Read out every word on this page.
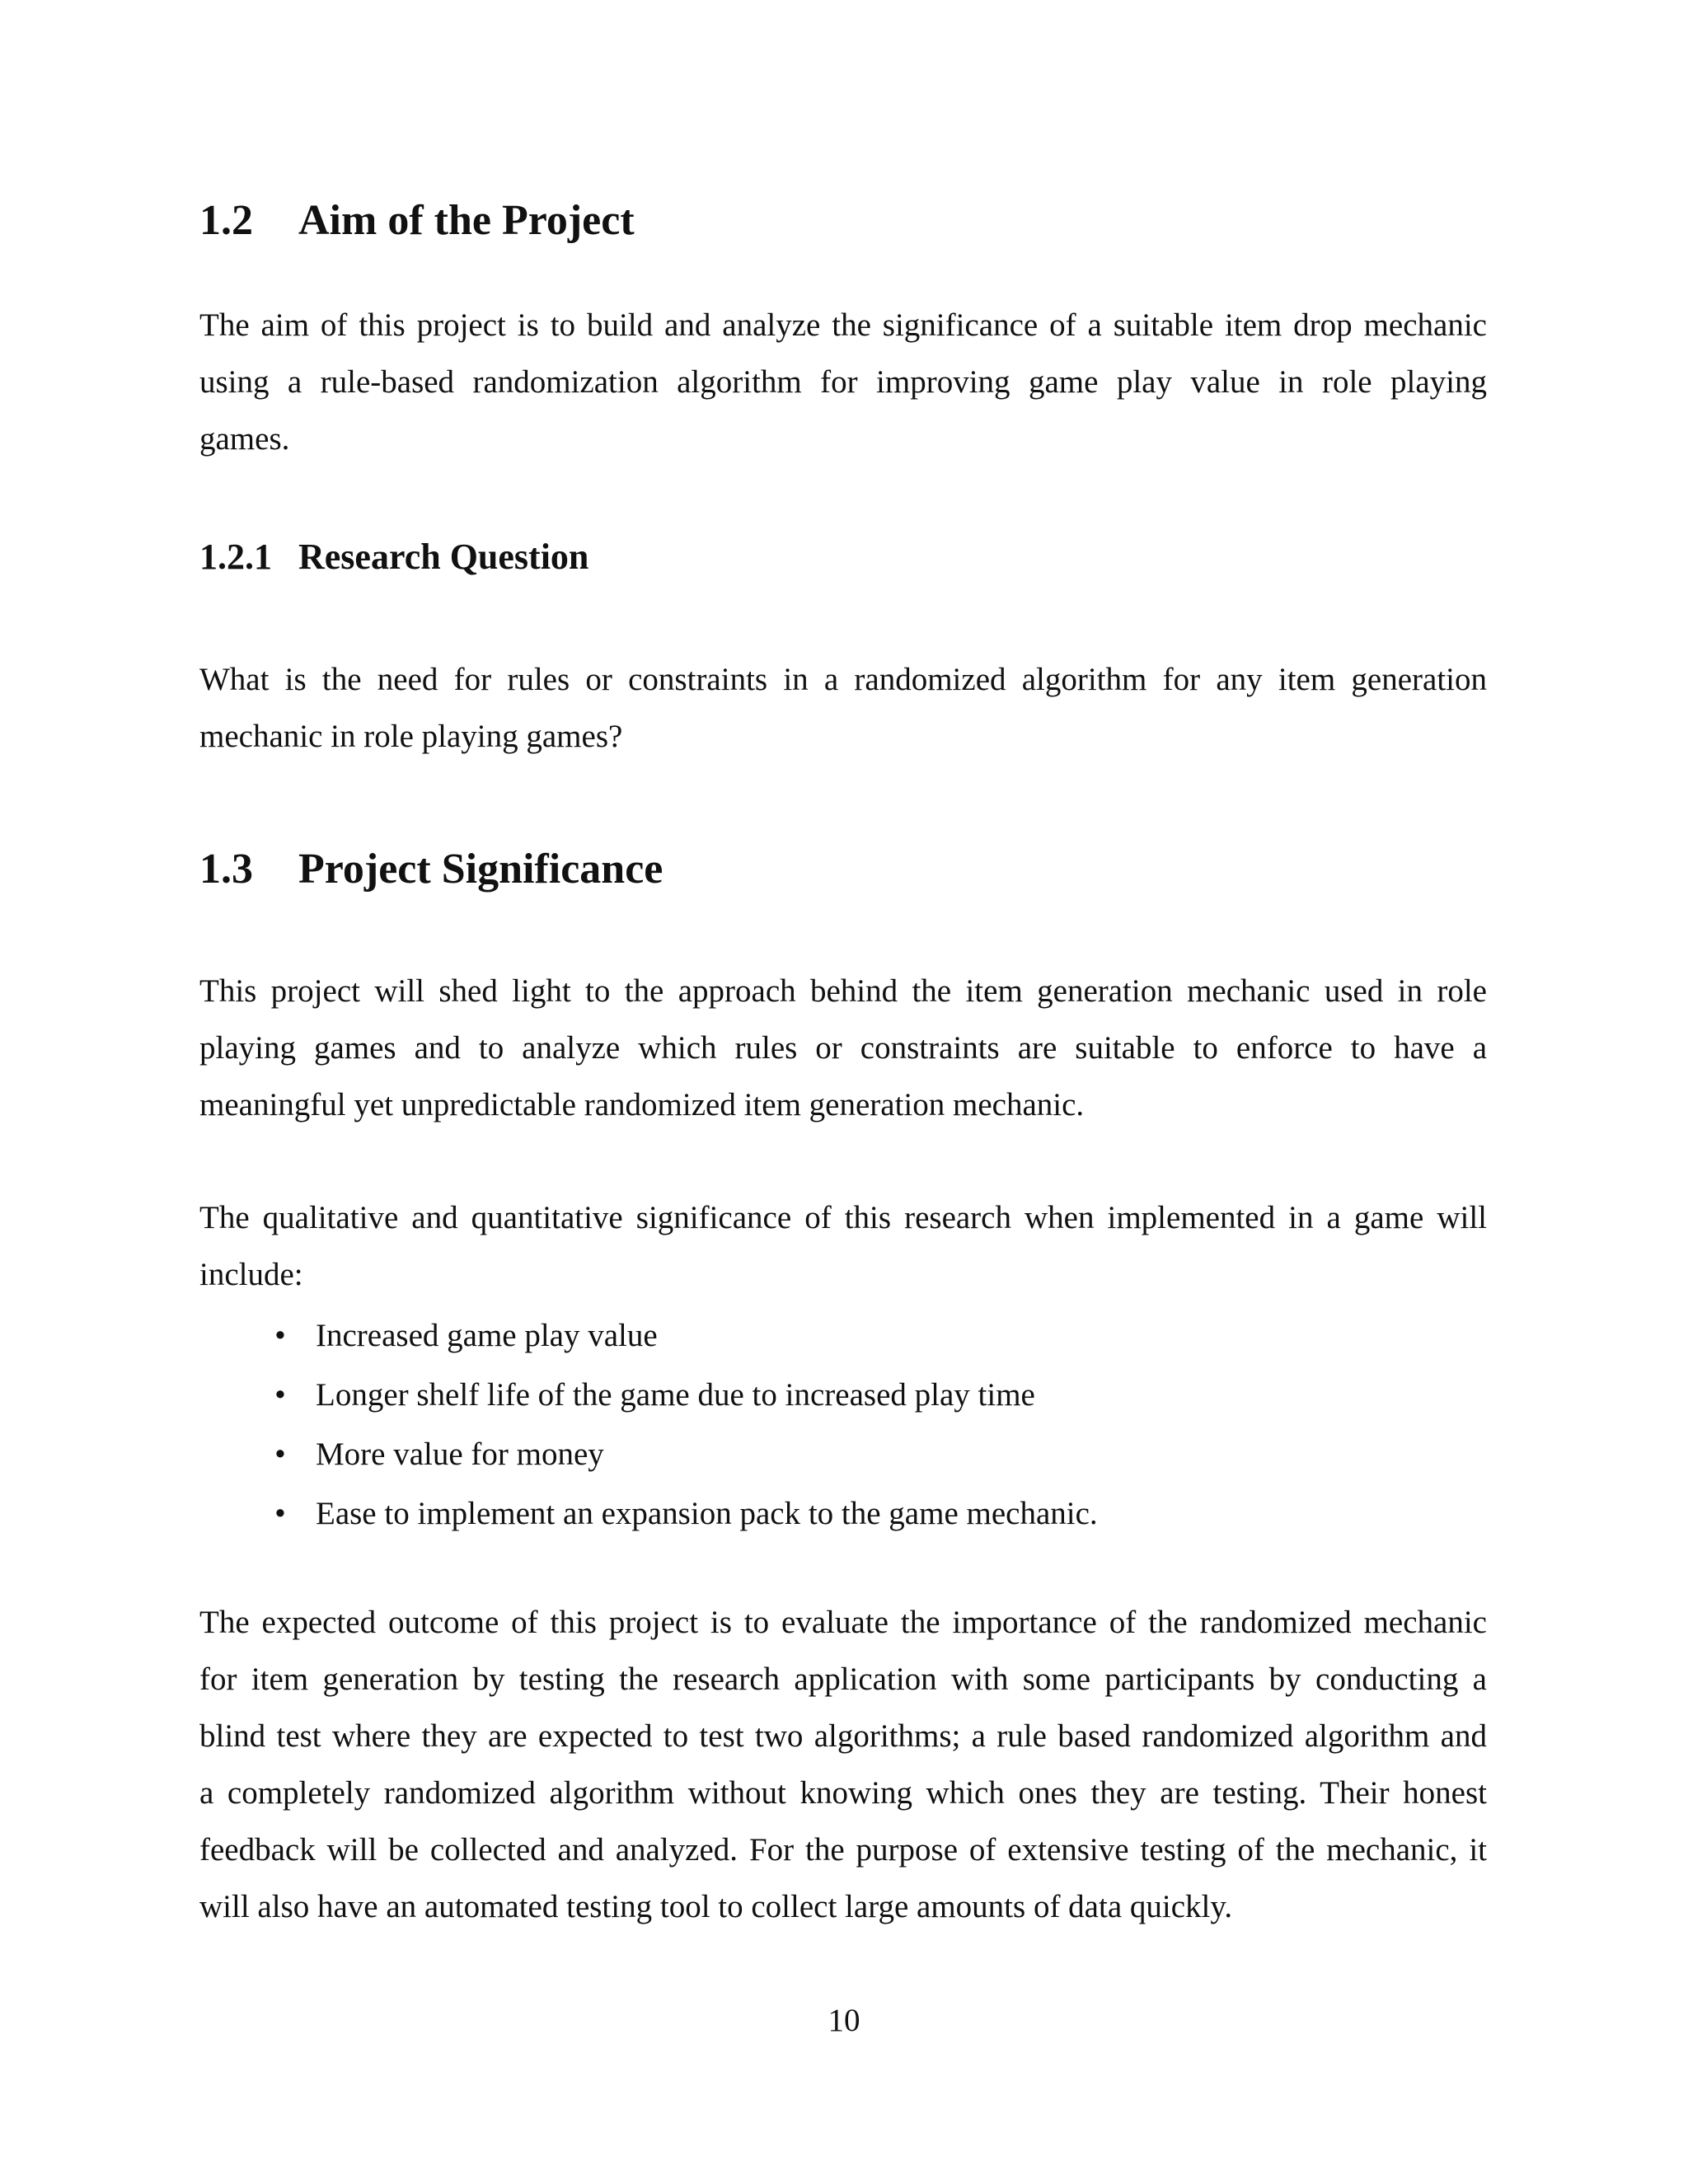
1.2 Aim of the Project

The aim of this project is to build and analyze the significance of a suitable item drop mechanic
using a rule-based randomization algorithm for improving game play value in role playing
games.

1.2.1 Research Question

What is the need for rules or constraints in a randomized algorithm for any item generation
mechanic in role playing games?

1.3 Project Significance

This project will shed light to the approach behind the item generation mechanic used in role
playing games and to analyze which rules or constraints are suitable to enforce to have a
meaningful yet unpredictable randomized item generation mechanic.

The qualitative and quantitative significance of this research when implemented in a game will
include:

• Increased game play value
• Longer shelf life of the game due to increased play time
• More value for money
• Ease to implement an expansion pack to the game mechanic.

The expected outcome of this project is to evaluate the importance of the randomized mechanic
for item generation by testing the research application with some participants by conducting a
blind test where they are expected to test two algorithms; a rule based randomized algorithm and
a completely randomized algorithm without knowing which ones they are testing. Their honest
feedback will be collected and analyzed. For the purpose of extensive testing of the mechanic, it
will also have an automated testing tool to collect large amounts of data quickly.

10
